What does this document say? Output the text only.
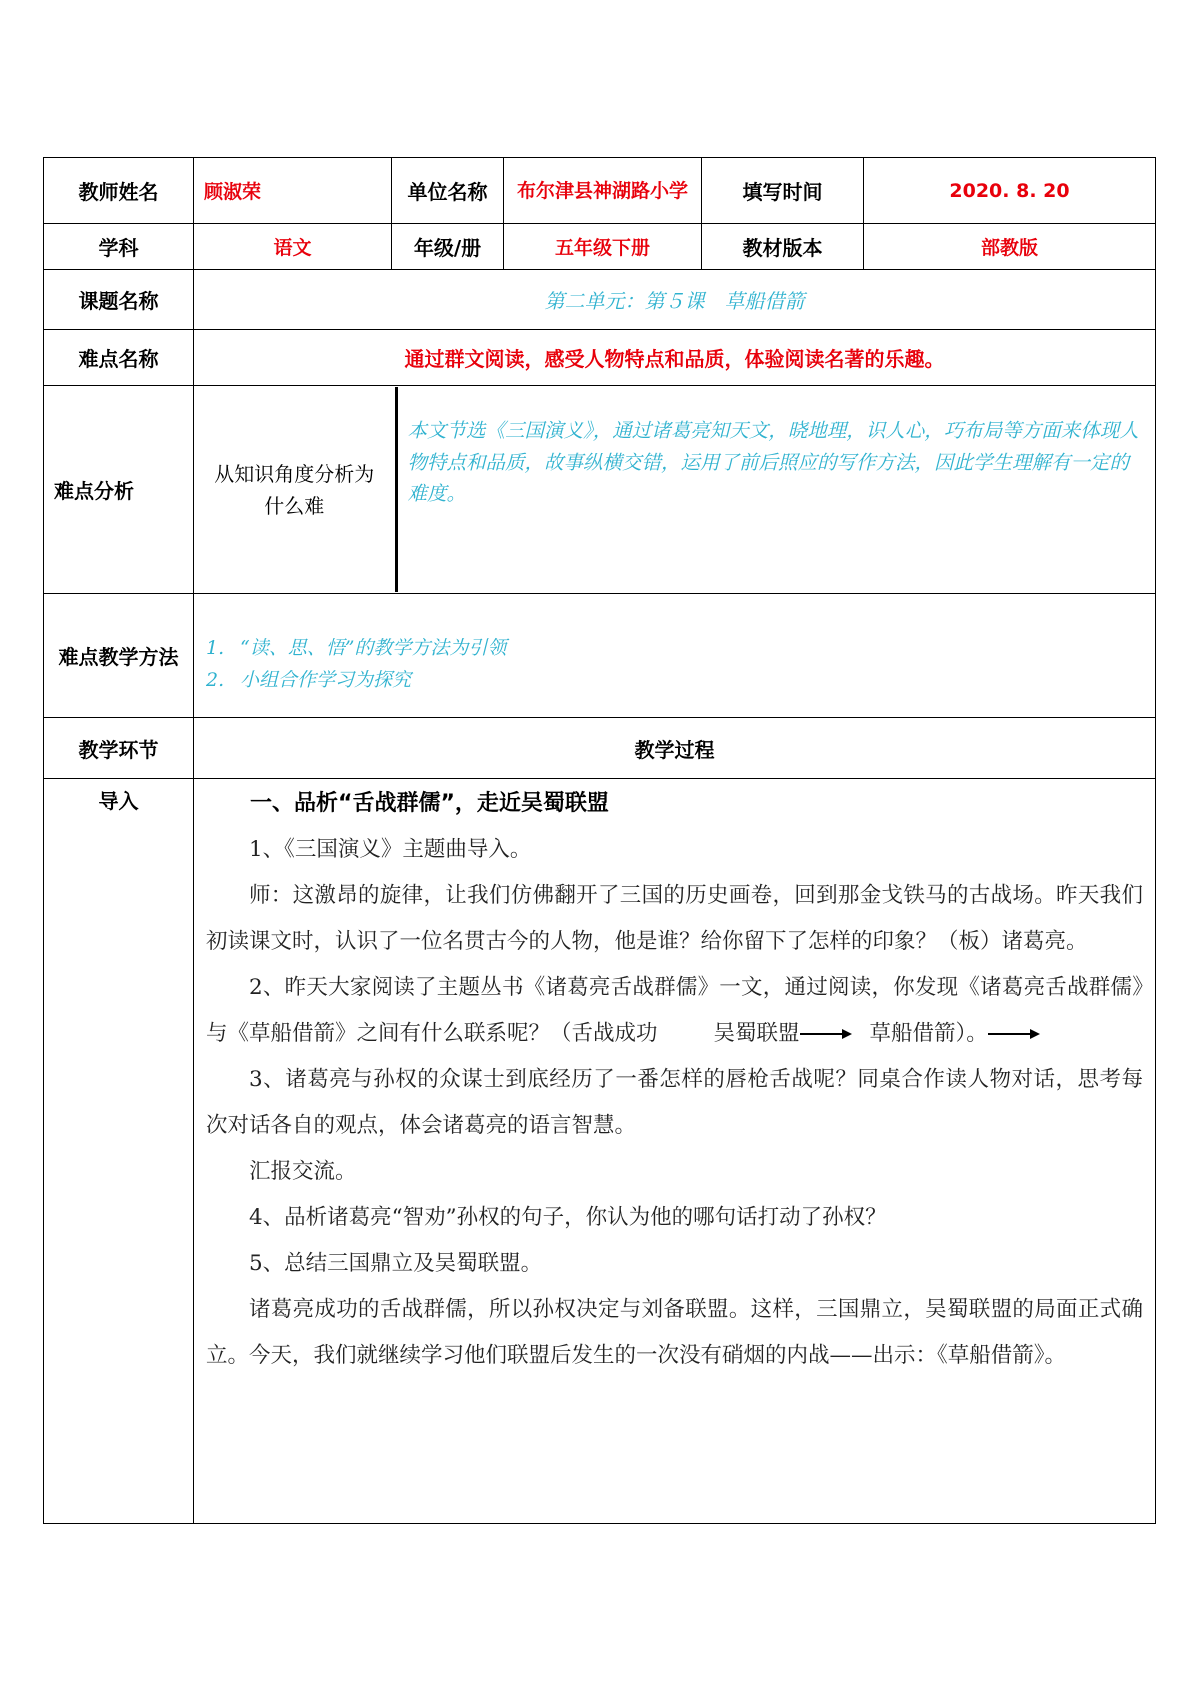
教师姓名	顾淑荣	单位名称	布尔津县神湖路小学	填写时间	2020. 8. 20
学科	语文	年级/册	五年级下册	教材版本	部教版
课题名称	第二单元：第５课　草船借箭
难点名称	通过群文阅读，感受人物特点和品质，体验阅读名著的乐趣。
难点分析	
从知识角度分析为什么难	本文节选《三国演义》，通过诸葛亮知天文，晓地理，识人心，巧布局等方面来体现人物特点和品质，故事纵横交错，运用了前后照应的写作方法，因此学生理解有一定的难度。

难点教学方法	1. “读、思、悟”的教学方法为引领
2. 小组合作学习为探究

教学环节	教学过程
导入	一、品析“舌战群儒”，走近吴蜀联盟

1、《三国演义》主题曲导入。

师：这激昂的旋律，让我们仿佛翻开了三国的历史画卷，回到那金戈铁马的古战场。昨天我们初读课文时，认识了一位名贯古今的人物，他是谁？给你留下了怎样的印象？（板）诸葛亮。

2、昨天大家阅读了主题丛书《诸葛亮舌战群儒》一文，通过阅读，你发现《诸葛亮舌战群儒》与《草船借箭》之间有什么联系呢？（舌战成功	吴蜀联盟	草船借箭）。

3、诸葛亮与孙权的众谋士到底经历了一番怎样的唇枪舌战呢？同桌合作读人物对话，思考每次对话各自的观点，体会诸葛亮的语言智慧。

汇报交流。

4、品析诸葛亮“智劝”孙权的句子，你认为他的哪句话打动了孙权？

5、总结三国鼎立及吴蜀联盟。

诸葛亮成功的舌战群儒，所以孙权决定与刘备联盟。这样，三国鼎立，吴蜀联盟的局面正式确立。今天，我们就继续学习他们联盟后发生的一次没有硝烟的内战——出示：《草船借箭》。
